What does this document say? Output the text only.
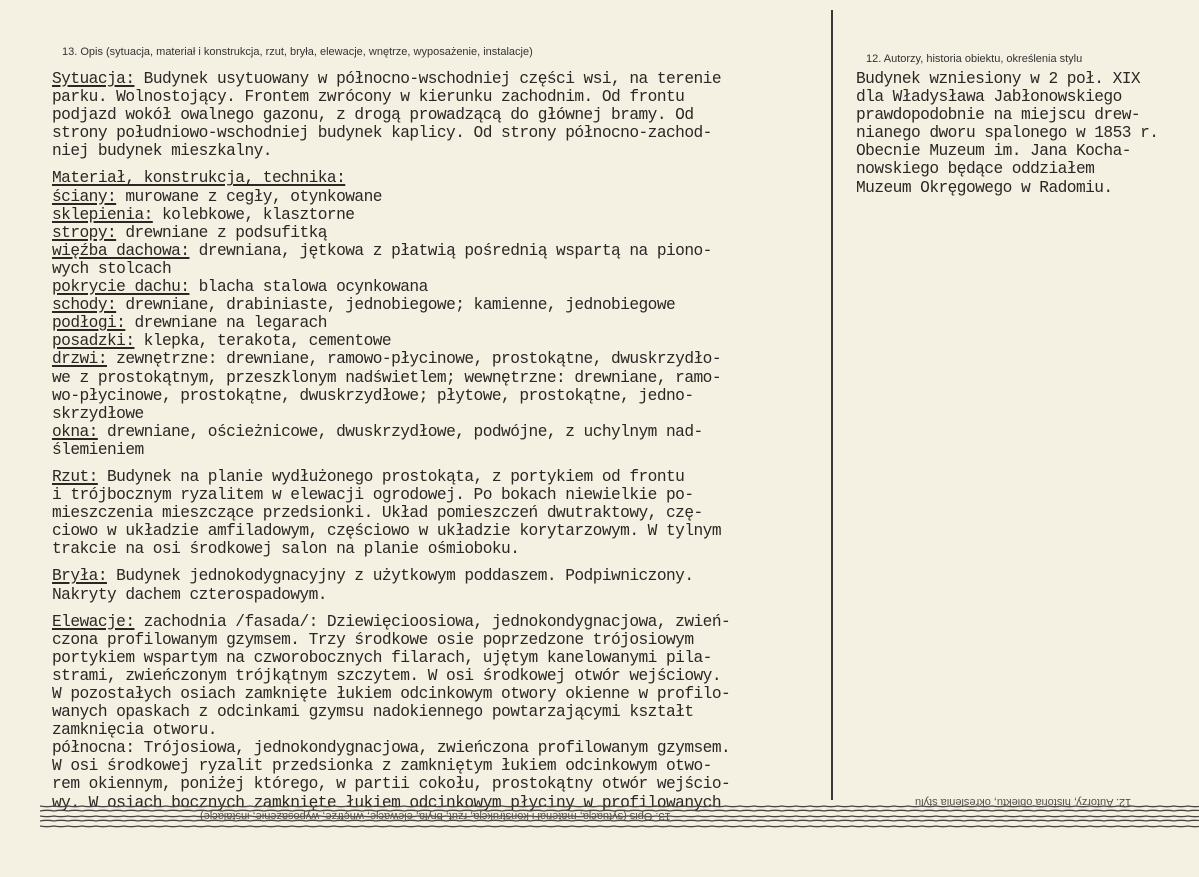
13. Opis (sytuacja, materiał i konstrukcja, rzut, bryła, elewacje, wnętrze, wyposażenie, instalacje)
12. Autorzy, historia obiektu, określenia stylu
Sytuacja: Budynek usytuowany w północno-wschodniej części wsi, na terenie
parku. Wolnostojący. Frontem zwrócony w kierunku zachodnim. Od frontu
podjazd wokół owalnego gazonu, z drogą prowadzącą do głównej bramy. Od
strony południowo-wschodniej budynek kaplicy. Od strony północno-zachod-
niej budynek mieszkalny.
Materiał, konstrukcja, technika:
ściany: murowane z cegły, otynkowane
sklepienia: kolebkowe, klasztorne
stropy: drewniane z podsufitką
więźba dachowa: drewniana, jętkowa z płatwią pośrednią wspartą na piono-
wych stolcach
pokrycie dachu: blacha stalowa ocynkowana
schody: drewniane, drabiniaste, jednobiegowe; kamienne, jednobiegowe
podłogi: drewniane na legarach
posadzki: klepka, terakota, cementowe
drzwi: zewnętrzne: drewniane, ramowo-płycinowe, prostokątne, dwuskrzydło-
we z prostokątnym, przeszklonym nadświetlem; wewnętrzne: drewniane, ramo-
wo-płycinowe, prostokątne, dwuskrzydłowe; płytowe, prostokątne, jedno-
skrzydłowe
okna: drewniane, ościeżnicowe, dwuskrzydłowe, podwójne, z uchylnym nad-
ślemieniem
Rzut: Budynek na planie wydłużonego prostokąta, z portykiem od frontu
i trójbocznym ryzalitem w elewacji ogrodowej. Po bokach niewielkie po-
mieszczenia mieszczące przedsionki. Układ pomieszczeń dwutraktowy, czę-
ciowo w układzie amfiladowym, częściowo w układzie korytarzowym. W tylnym
trakcie na osi środkowej salon na planie ośmioboku.
Bryła: Budynek jednokodygnacyjny z użytkowym poddaszem. Podpiwniczony.
Nakryty dachem czterospadowym.
Elewacje: zachodnia /fasada/: Dziewięcioosiowa, jednokondygnacjowa, zwień-
czona profilowanym gzymsem. Trzy środkowe osie poprzedzone trójosiowym
portykiem wspartym na czworobocznych filarach, ujętym kanelowanymi pila-
strami, zwieńczonym trójkątnym szczytem. W osi środkowej otwór wejściowy.
W pozostałych osiach zamknięte łukiem odcinkowym otwory okienne w profilo-
wanych opaskach z odcinkami gzymsu nadokiennego powtarzającymi kształt
zamknięcia otworu.
północna: Trójosiowa, jednokondygnacjowa, zwieńczona profilowanym gzymsem.
W osi środkowej ryzalit przedsionka z zamkniętym łukiem odcinkowym otwo-
rem okiennym, poniżej którego, w partii cokołu, prostokątny otwór wejścio-
wy. W osiach bocznych zamknięte łukiem odcinkowym płyciny w profilowanych
Budynek wzniesiony w 2 poł. XIX
dla Władysława Jabłonowskiego
prawdopodobnie na miejscu drew-
nianego dworu spalonego w 1853 r.
Obecnie Muzeum im. Jana Kocha-
nowskiego będące oddziałem
Muzeum Okręgowego w Radomiu.
13. Opis (sytuacja, materiał i konstrukcja, rzut, bryła, elewacje, wnętrze, wyposażenie, instalacje)
12. Autorzy, historia obiektu, określenia stylu
